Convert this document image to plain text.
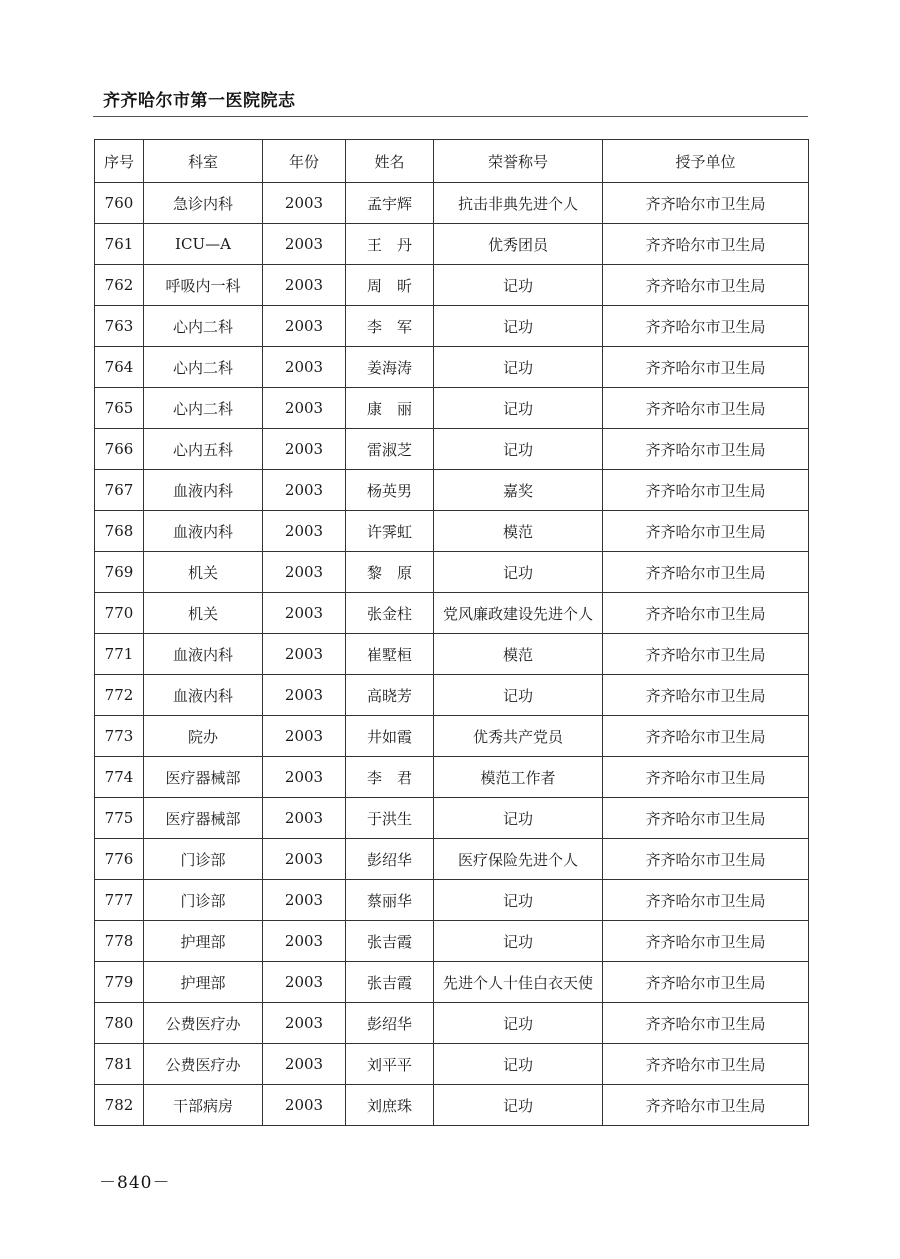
齐齐哈尔市第一医院院志
序号	科室	年份	姓名	荣誉称号	授予单位
760	急诊内科	2003	孟宇辉	抗击非典先进个人	齐齐哈尔市卫生局
761	ICU—A	2003	王　丹	优秀团员	齐齐哈尔市卫生局
762	呼吸内一科	2003	周　昕	记功	齐齐哈尔市卫生局
763	心内二科	2003	李　军	记功	齐齐哈尔市卫生局
764	心内二科	2003	姜海涛	记功	齐齐哈尔市卫生局
765	心内二科	2003	康　丽	记功	齐齐哈尔市卫生局
766	心内五科	2003	雷淑芝	记功	齐齐哈尔市卫生局
767	血液内科	2003	杨英男	嘉奖	齐齐哈尔市卫生局
768	血液内科	2003	许霁虹	模范	齐齐哈尔市卫生局
769	机关	2003	黎　原	记功	齐齐哈尔市卫生局
770	机关	2003	张金柱	党风廉政建设先进个人	齐齐哈尔市卫生局
771	血液内科	2003	崔墅桓	模范	齐齐哈尔市卫生局
772	血液内科	2003	高晓芳	记功	齐齐哈尔市卫生局
773	院办	2003	井如霞	优秀共产党员	齐齐哈尔市卫生局
774	医疗器械部	2003	李　君	模范工作者	齐齐哈尔市卫生局
775	医疗器械部	2003	于洪生	记功	齐齐哈尔市卫生局
776	门诊部	2003	彭绍华	医疗保险先进个人	齐齐哈尔市卫生局
777	门诊部	2003	蔡丽华	记功	齐齐哈尔市卫生局
778	护理部	2003	张吉霞	记功	齐齐哈尔市卫生局
779	护理部	2003	张吉霞	先进个人十佳白衣天使	齐齐哈尔市卫生局
780	公费医疗办	2003	彭绍华	记功	齐齐哈尔市卫生局
781	公费医疗办	2003	刘平平	记功	齐齐哈尔市卫生局
782	干部病房	2003	刘庶珠	记功	齐齐哈尔市卫生局
－840－
